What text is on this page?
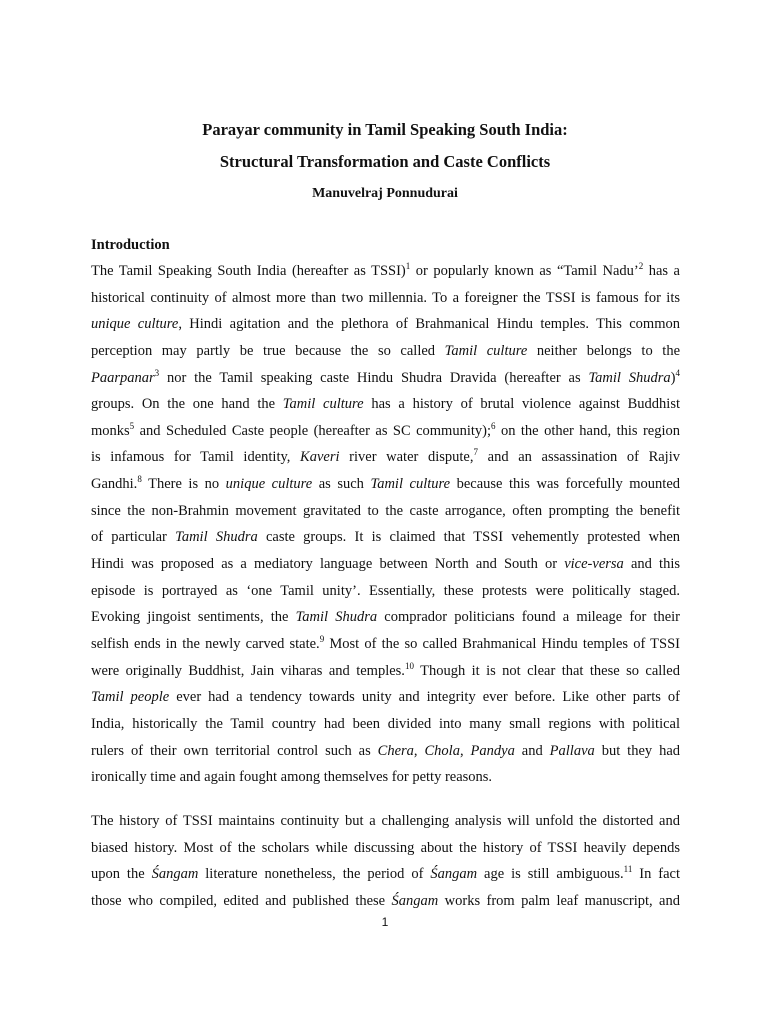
Parayar community in Tamil Speaking South India:
Structural Transformation and Caste Conflicts
Manuvelraj Ponnudurai
Introduction
The Tamil Speaking South India (hereafter as TSSI)$^1$ or popularly known as “Tamil Nadu’$^2$ has a
historical continuity of almost more than two millennia. To a foreigner the TSSI is famous for its
unique culture, Hindi agitation and the plethora of Brahmanical Hindu temples. This common
perception may partly be true because the so called Tamil culture neither belongs to the
Paarpanar$^3$ nor the Tamil speaking caste Hindu Shudra Dravida (hereafter as Tamil Shudra)$^4$
groups. On the one hand the Tamil culture has a history of brutal violence against Buddhist
monks$^5$ and Scheduled Caste people (hereafter as SC community);$^6$ on the other hand, this region
is infamous for Tamil identity, Kaveri river water dispute,$^7$ and an assassination of Rajiv
Gandhi.$^8$ There is no unique culture as such Tamil culture because this was forcefully mounted
since the non-Brahmin movement gravitated to the caste arrogance, often prompting the benefit
of particular Tamil Shudra caste groups. It is claimed that TSSI vehemently protested when
Hindi was proposed as a mediatory language between North and South or vice-versa and this
episode is portrayed as ‘one Tamil unity’. Essentially, these protests were politically staged.
Evoking jingoist sentiments, the Tamil Shudra comprador politicians found a mileage for their
selfish ends in the newly carved state.$^9$ Most of the so called Brahmanical Hindu temples of TSSI
were originally Buddhist, Jain viharas and temples.$^{10}$ Though it is not clear that these so called
Tamil people ever had a tendency towards unity and integrity ever before. Like other parts of
India, historically the Tamil country had been divided into many small regions with political
rulers of their own territorial control such as Chera, Chola, Pandya and Pallava but they had
ironically time and again fought among themselves for petty reasons.
The history of TSSI maintains continuity but a challenging analysis will unfold the distorted and
biased history. Most of the scholars while discussing about the history of TSSI heavily depends
upon the Śangam literature nonetheless, the period of Śangam age is still ambiguous.$^{11}$ In fact
those who compiled, edited and published these Śangam works from palm leaf manuscript, and
1
